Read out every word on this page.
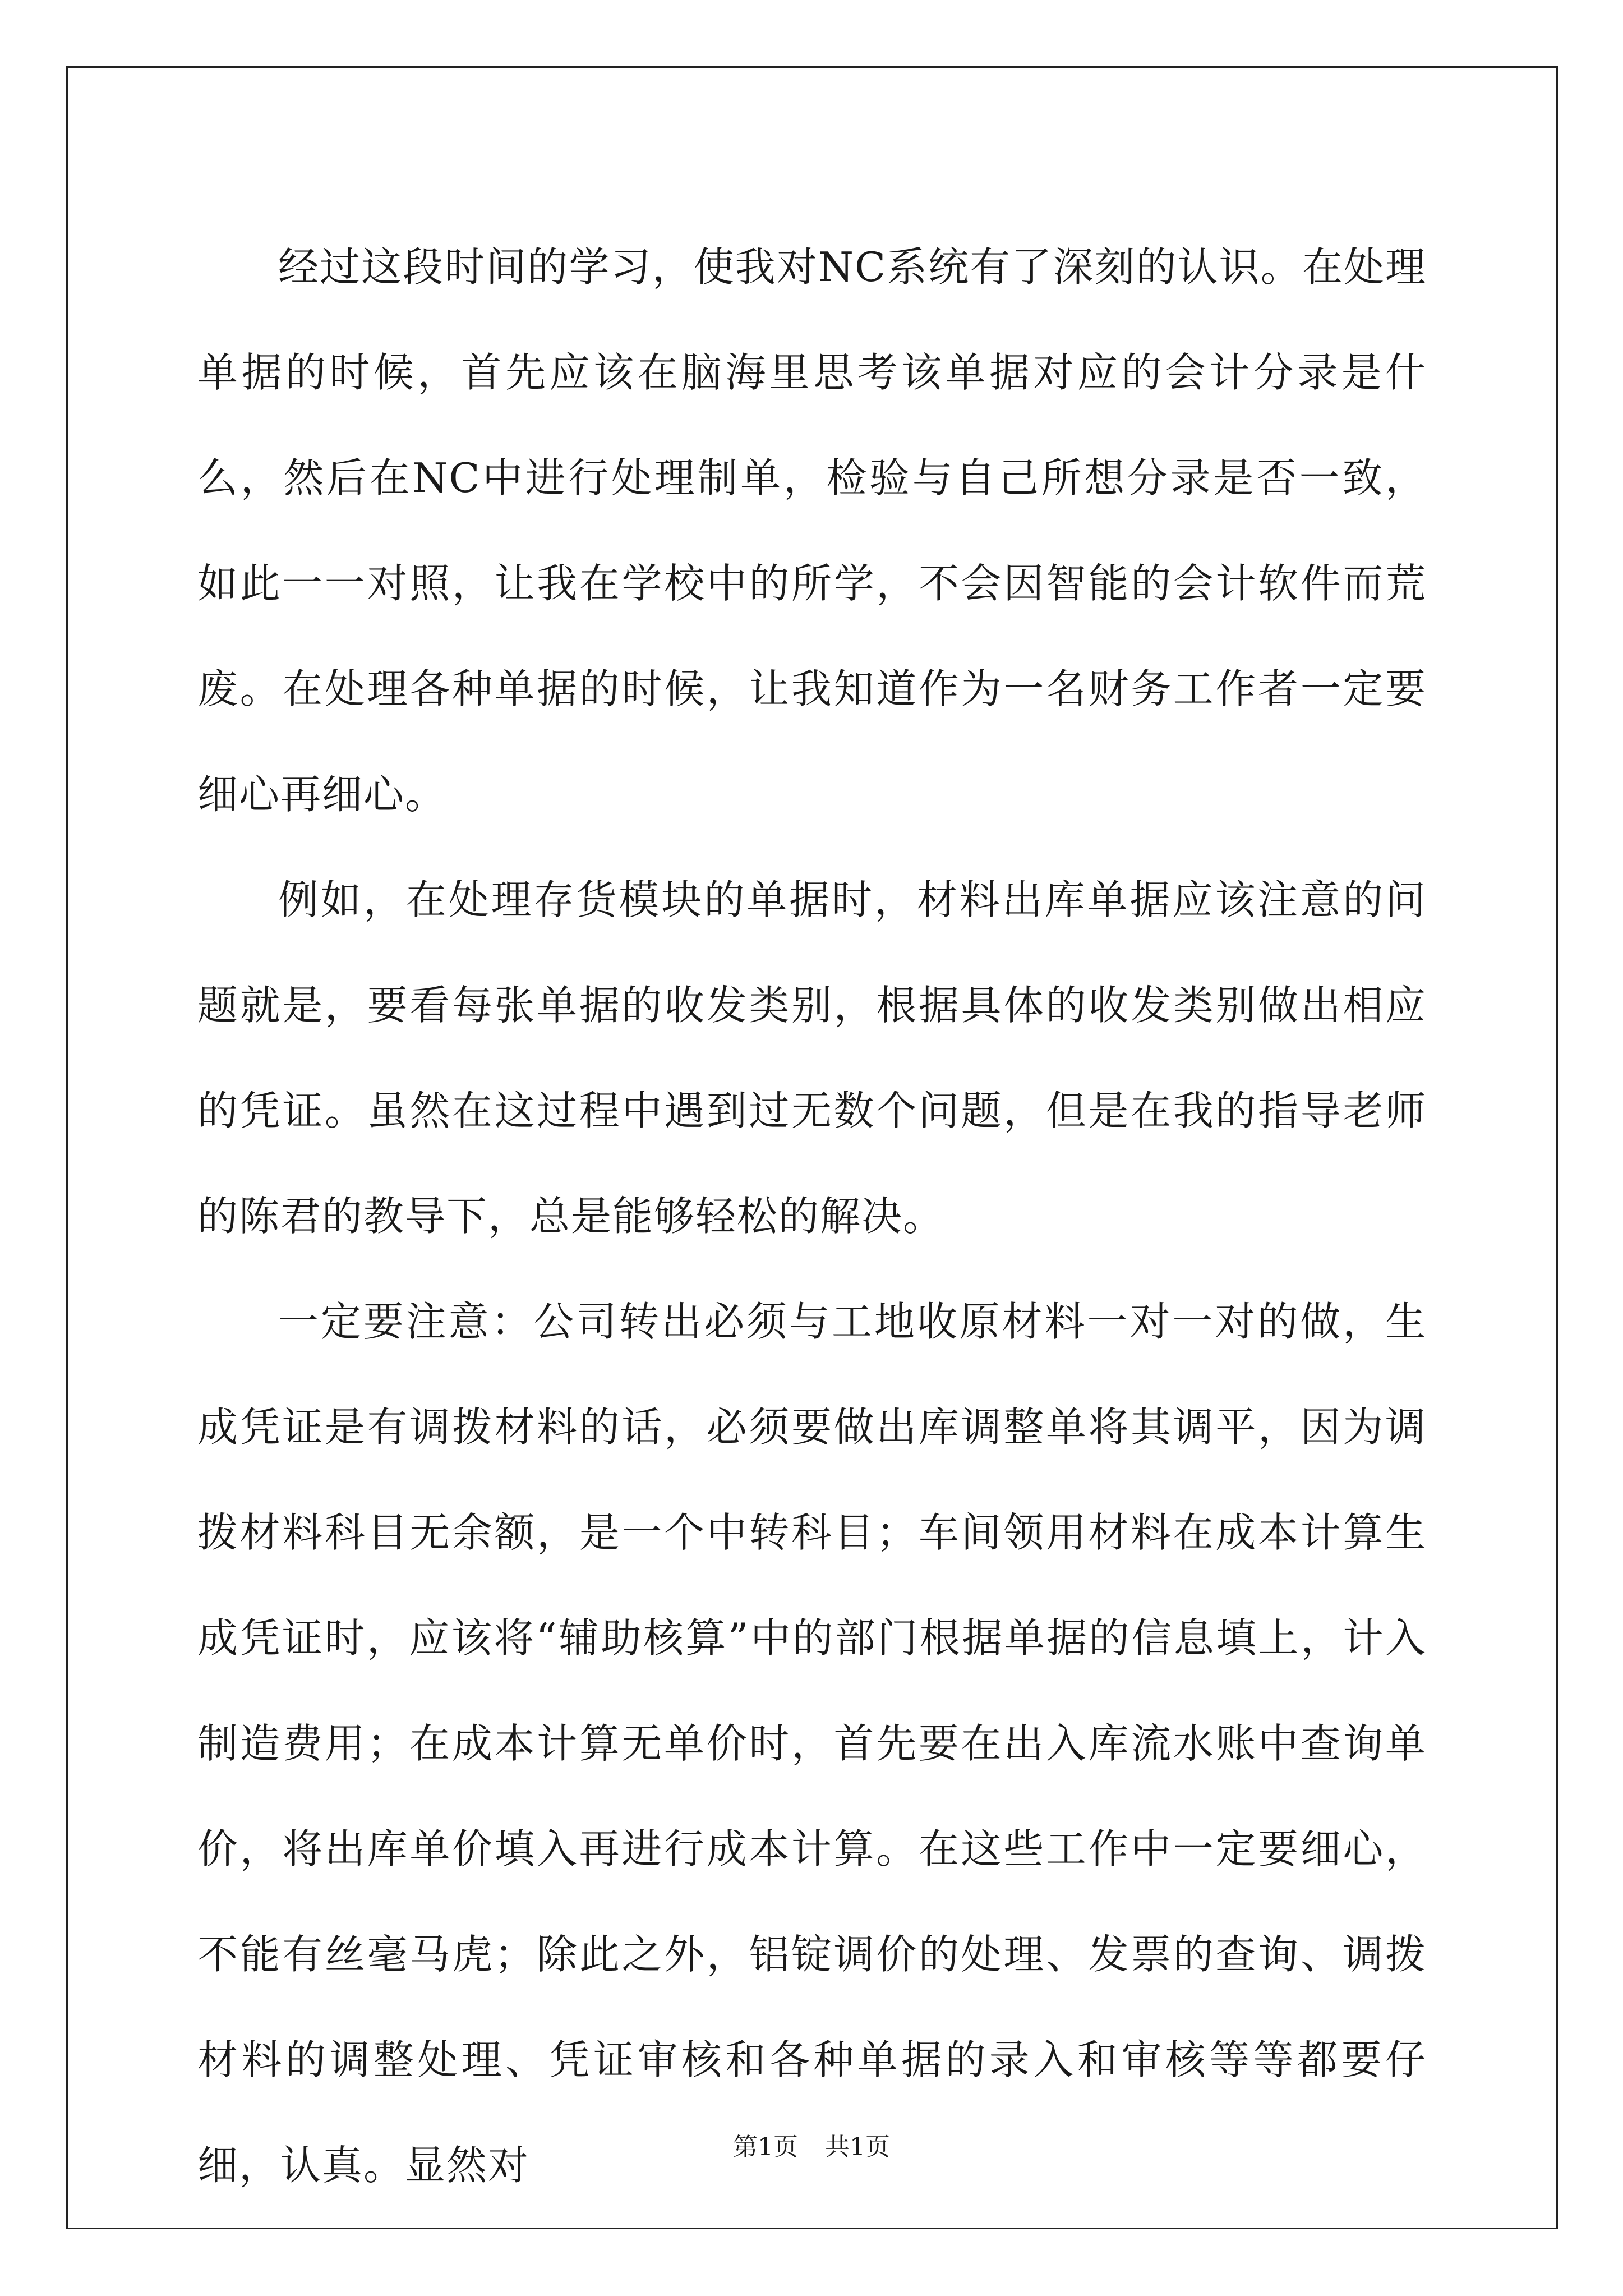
经过这段时间的学习，使我对NC系统有了深刻的认识。在处理单据的时候，首先应该在脑海里思考该单据对应的会计分录是什么，然后在NC中进行处理制单，检验与自己所想分录是否一致，如此一一对照，让我在学校中的所学，不会因智能的会计软件而荒废。在处理各种单据的时候，让我知道作为一名财务工作者一定要细心再细心。

例如，在处理存货模块的单据时，材料出库单据应该注意的问题就是，要看每张单据的收发类别，根据具体的收发类别做出相应的凭证。虽然在这过程中遇到过无数个问题，但是在我的指导老师的陈君的教导下，总是能够轻松的解决。

一定要注意：公司转出必须与工地收原材料一对一对的做，生成凭证是有调拨材料的话，必须要做出库调整单将其调平，因为调拨材料科目无余额，是一个中转科目；车间领用材料在成本计算生成凭证时，应该将“辅助核算”中的部门根据单据的信息填上，计入制造费用；在成本计算无单价时，首先要在出入库流水账中查询单价，将出库单价填入再进行成本计算。在这些工作中一定要细心，不能有丝毫马虎；除此之外，铝锭调价的处理、发票的查询、调拨材料的调整处理、凭证审核和各种单据的录入和审核等等都要仔细，认真。显然对	第1页 共1页
